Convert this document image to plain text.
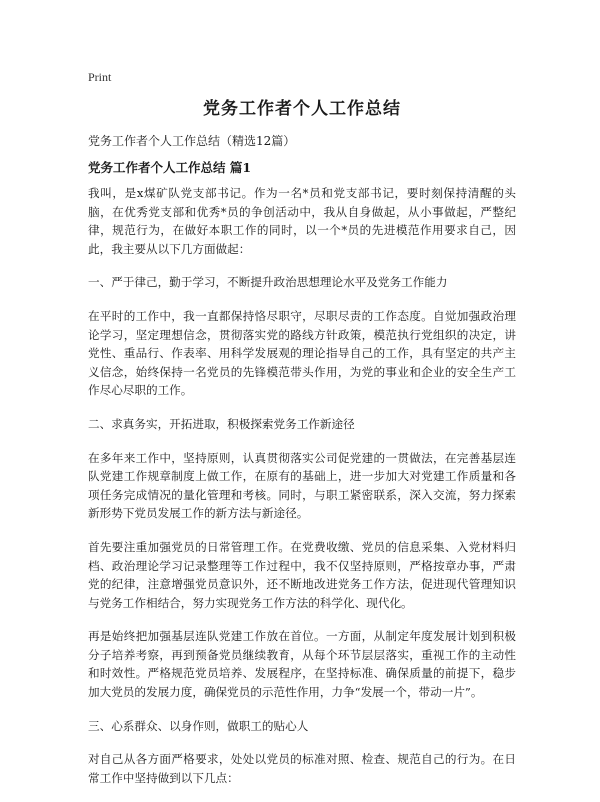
Print
党务工作者个人工作总结
党务工作者个人工作总结（精选12篇）
党务工作者个人工作总结 篇1

我叫，是x煤矿队党支部书记。作为一名*员和党支部书记，要时刻保持清醒的头脑，在优秀党支部和优秀*员的争创活动中，我从自身做起，从小事做起，严整纪律，规范行为，在做好本职工作的同时，以一个*员的先进模范作用要求自己，因此，我主要从以下几方面做起：

一、严于律己，勤于学习，不断提升政治思想理论水平及党务工作能力

在平时的工作中，我一直都保持恪尽职守，尽职尽责的工作态度。自觉加强政治理论学习，坚定理想信念，贯彻落实党的路线方针政策，模范执行党组织的决定，讲党性、重品行、作表率、用科学发展观的理论指导自己的工作，具有坚定的共产主义信念，始终保持一名党员的先锋模范带头作用，为党的事业和企业的安全生产工作尽心尽职的工作。

二、求真务实，开拓进取，积极探索党务工作新途径

在多年来工作中，坚持原则，认真贯彻落实公司促党建的一贯做法，在完善基层连队党建工作规章制度上做工作，在原有的基础上，进一步加大对党建工作质量和各项任务完成情况的量化管理和考核。同时，与职工紧密联系，深入交流，努力探索新形势下党员发展工作的新方法与新途径。

首先要注重加强党员的日常管理工作。在党费收缴、党员的信息采集、入党材料归档、政治理论学习记录整理等工作过程中，我不仅坚持原则，严格按章办事，严肃党的纪律，注意增强党员意识外，还不断地改进党务工作方法，促进现代管理知识与党务工作相结合，努力实现党务工作方法的科学化、现代化。

再是始终把加强基层连队党建工作放在首位。一方面，从制定年度发展计划到积极分子培养考察，再到预备党员继续教育，从每个环节层层落实，重视工作的主动性和时效性。严格规范党员培养、发展程序，在坚持标准、确保质量的前提下，稳步加大党员的发展力度，确保党员的示范性作用，力争“发展一个，带动一片”。

三、心系群众、以身作则，做职工的贴心人

对自己从各方面严格要求，处处以党员的标准对照、检查、规范自己的行为。在日常工作中坚持做到以下几点：
